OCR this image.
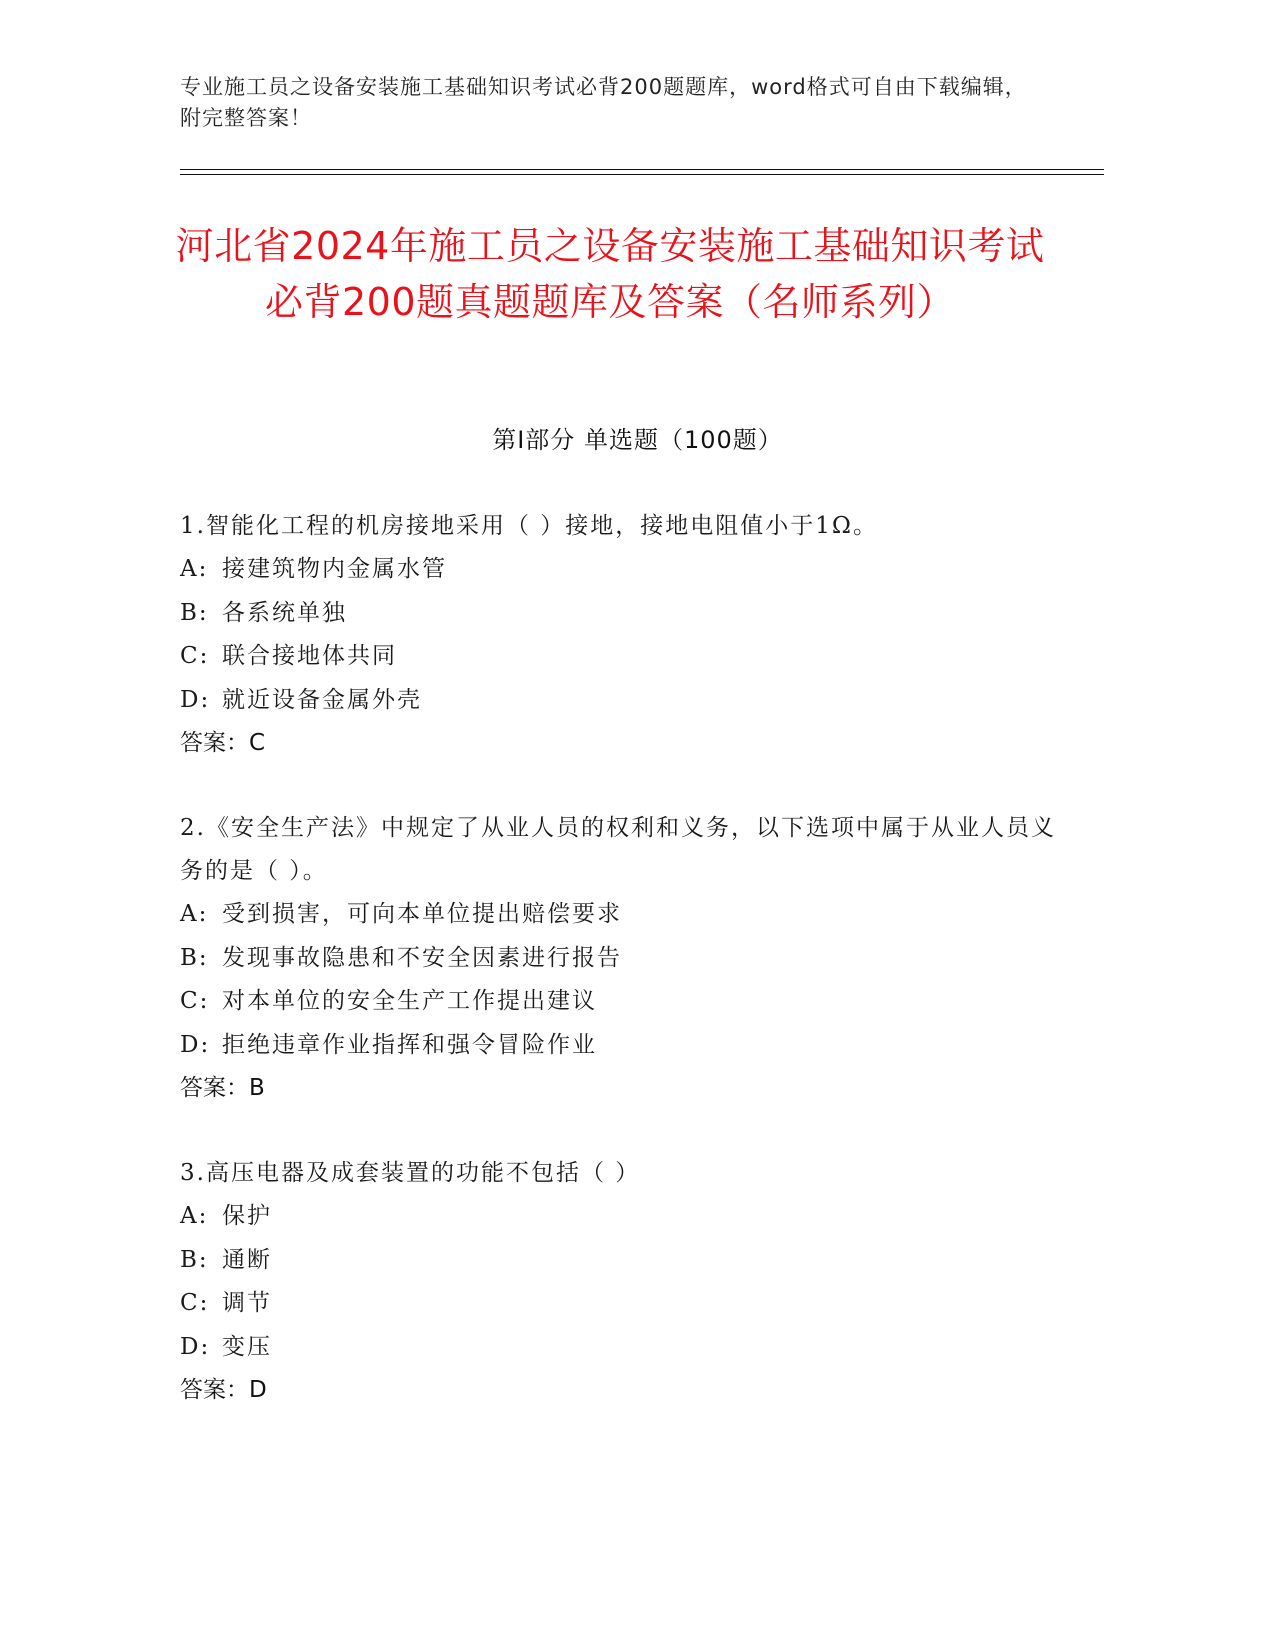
专业施工员之设备安装施工基础知识考试必背200题题库，word格式可自由下载编辑，附完整答案！
河北省2024年施工员之设备安装施工基础知识考试必背200题真题题库及答案（名师系列）
第Ⅰ部分 单选题（100题）
1.智能化工程的机房接地采用（ ）接地，接地电阻值小于1Ω。
A: 接建筑物内金属水管
B: 各系统单独
C: 联合接地体共同
D: 就近设备金属外壳
答案：C
2.《安全生产法》中规定了从业人员的权利和义务，以下选项中属于从业人员义务的是（ ）。
A: 受到损害，可向本单位提出赔偿要求
B: 发现事故隐患和不安全因素进行报告
C: 对本单位的安全生产工作提出建议
D: 拒绝违章作业指挥和强令冒险作业
答案：B
3.高压电器及成套装置的功能不包括（ ）
A: 保护
B: 通断
C: 调节
D: 变压
答案：D
